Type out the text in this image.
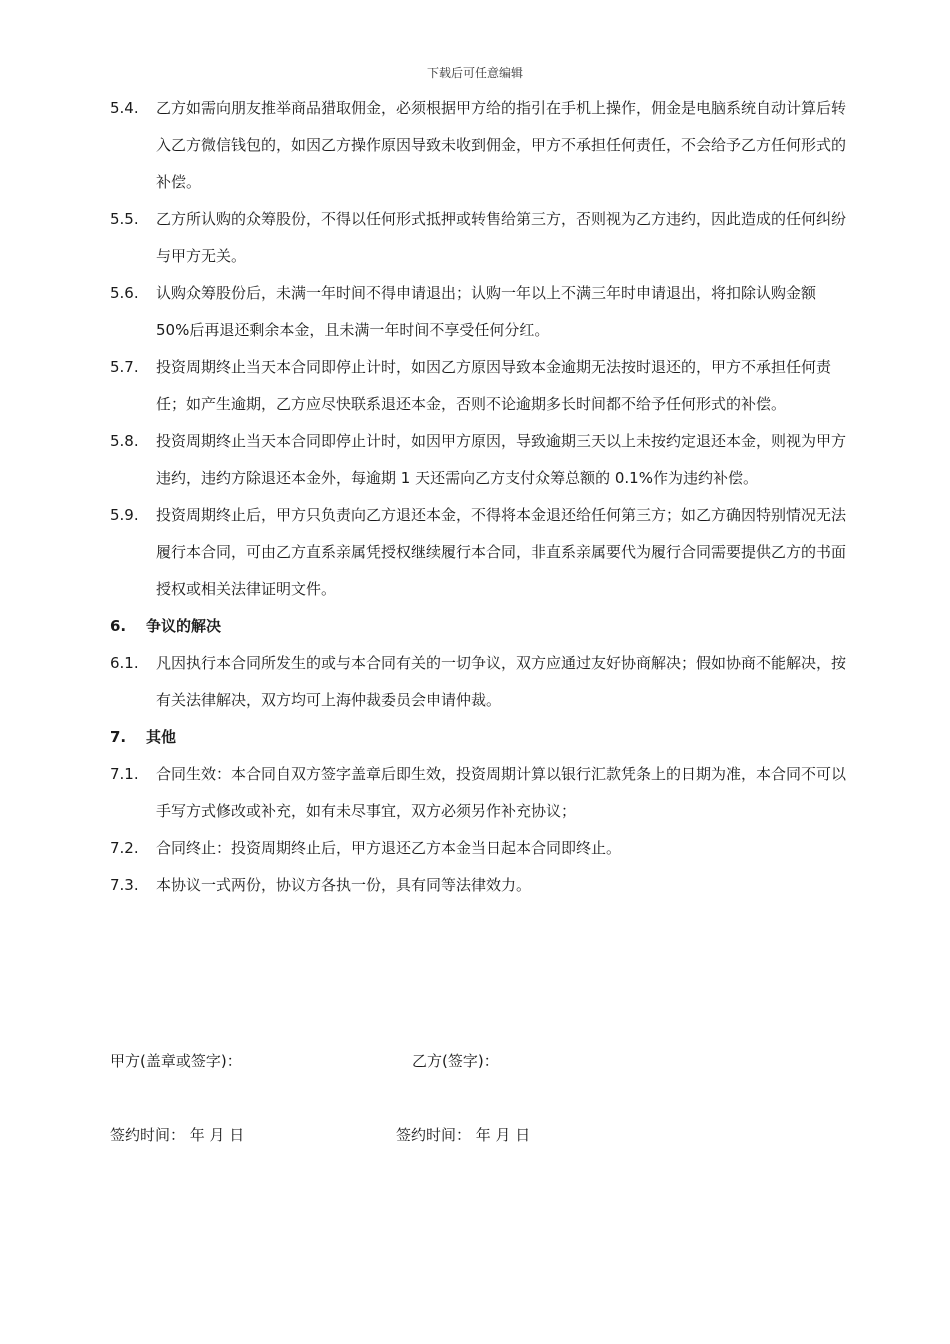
下载后可任意编辑
5.4. 乙方如需向朋友推举商品猎取佣金，必须根据甲方给的指引在手机上操作，佣金是电脑系统自动计算后转入乙方微信钱包的，如因乙方操作原因导致未收到佣金，甲方不承担任何责任，不会给予乙方任何形式的补偿。
5.5. 乙方所认购的众筹股份，不得以任何形式抵押或转售给第三方，否则视为乙方违约，因此造成的任何纠纷与甲方无关。
5.6. 认购众筹股份后，未满一年时间不得申请退出；认购一年以上不满三年时申请退出，将扣除认购金额 50%后再退还剩余本金，且未满一年时间不享受任何分红。
5.7. 投资周期终止当天本合同即停止计时，如因乙方原因导致本金逾期无法按时退还的，甲方不承担任何责任；如产生逾期，乙方应尽快联系退还本金，否则不论逾期多长时间都不给予任何形式的补偿。
5.8. 投资周期终止当天本合同即停止计时，如因甲方原因，导致逾期三天以上未按约定退还本金，则视为甲方违约，违约方除退还本金外，每逾期 1 天还需向乙方支付众筹总额的 0.1%作为违约补偿。
5.9. 投资周期终止后，甲方只负责向乙方退还本金，不得将本金退还给任何第三方；如乙方确因特别情况无法履行本合同，可由乙方直系亲属凭授权继续履行本合同，非直系亲属要代为履行合同需要提供乙方的书面授权或相关法律证明文件。
6. 争议的解决
6.1. 凡因执行本合同所发生的或与本合同有关的一切争议，双方应通过友好协商解决；假如协商不能解决，按有关法律解决，双方均可上海仲裁委员会申请仲裁。
7. 其他
7.1. 合同生效：本合同自双方签字盖章后即生效，投资周期计算以银行汇款凭条上的日期为准，本合同不可以手写方式修改或补充，如有未尽事宜，双方必须另作补充协议；
7.2. 合同终止：投资周期终止后，甲方退还乙方本金当日起本合同即终止。
7.3. 本协议一式两份，协议方各执一份，具有同等法律效力。
甲方(盖章或签字)：	乙方(签字)：
签约时间： 年 月 日	签约时间： 年 月 日
